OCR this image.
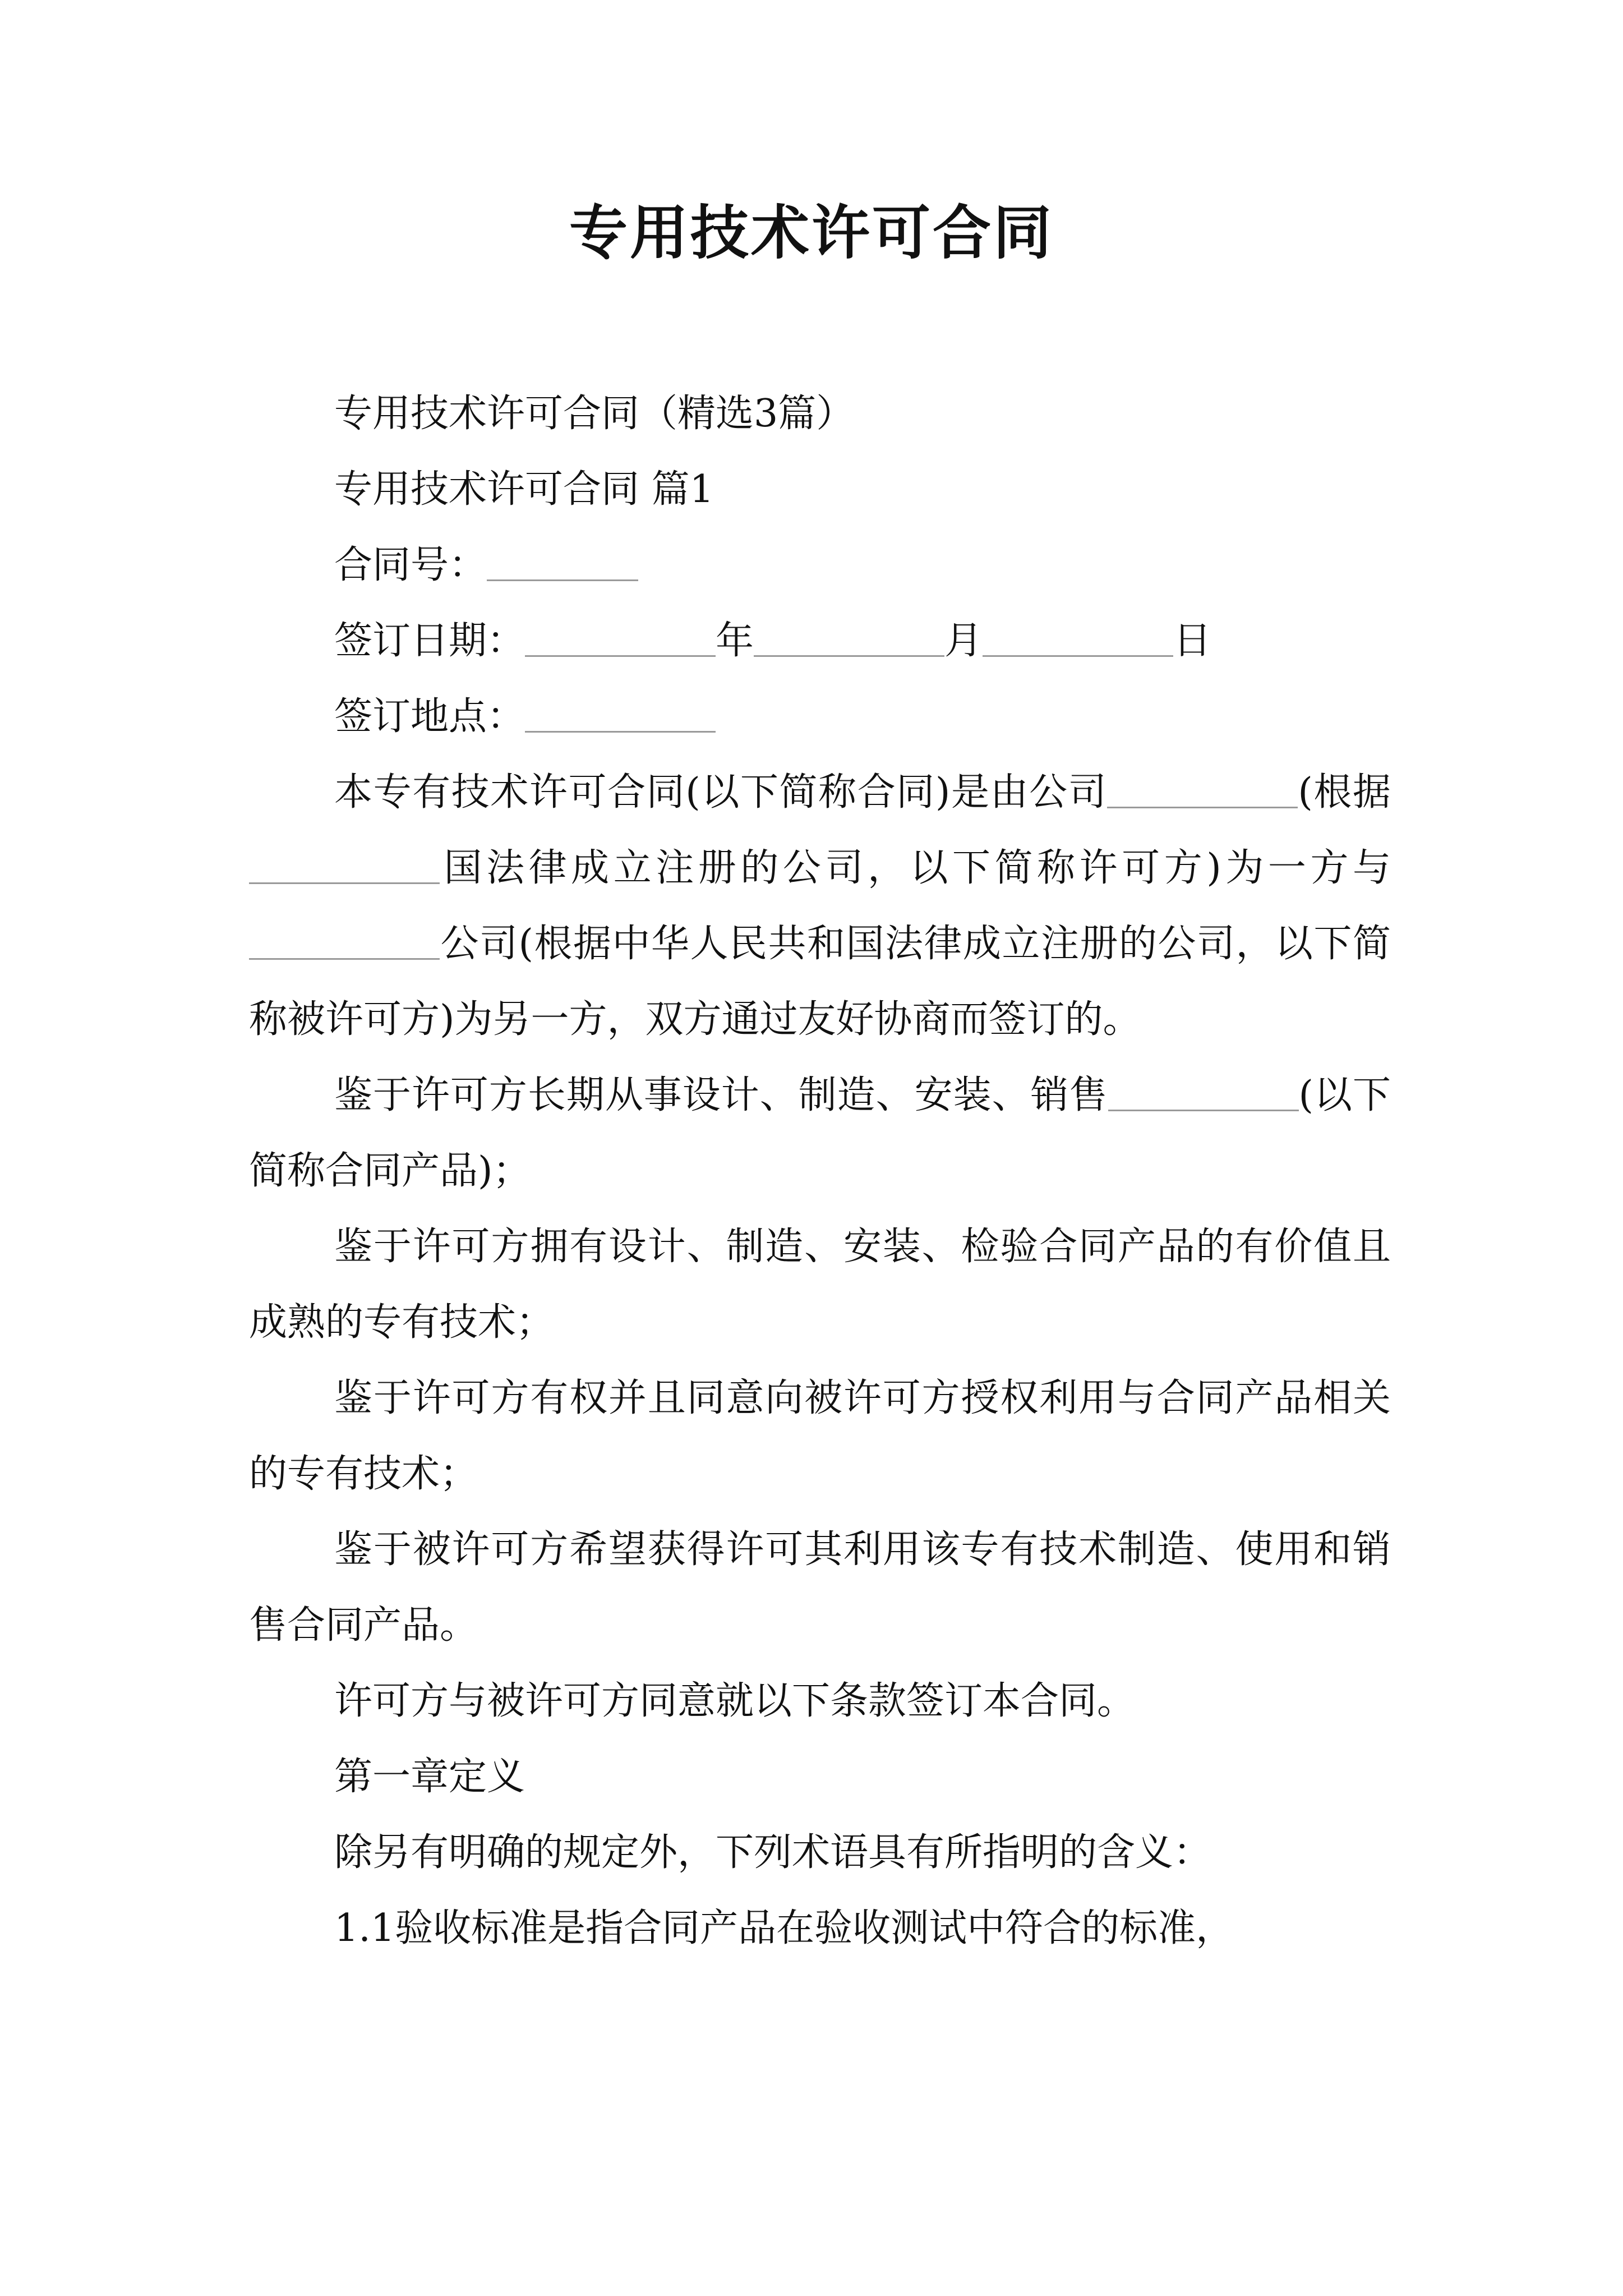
专用技术许可合同

专用技术许可合同（精选3篇）

专用技术许可合同 篇1

合同号：

签订日期：	年	月	日

签订地点：

本专有技术许可合同(以下简称合同)是由公司	(根据国法律成立注册的公司，以下简称许可方)为一方与公司(根据中华人民共和国法律成立注册的公司，以下简称被许可方)为另一方，双方通过友好协商而签订的。

鉴于许可方长期从事设计、制造、安装、销售	(以下简称合同产品)；

鉴于许可方拥有设计、制造、安装、检验合同产品的有价值且成熟的专有技术；

鉴于许可方有权并且同意向被许可方授权利用与合同产品相关的专有技术；

鉴于被许可方希望获得许可其利用该专有技术制造、使用和销售合同产品。

许可方与被许可方同意就以下条款签订本合同。

第一章定义

除另有明确的规定外，下列术语具有所指明的含义：

1.1验收标准是指合同产品在验收测试中符合的标准，
